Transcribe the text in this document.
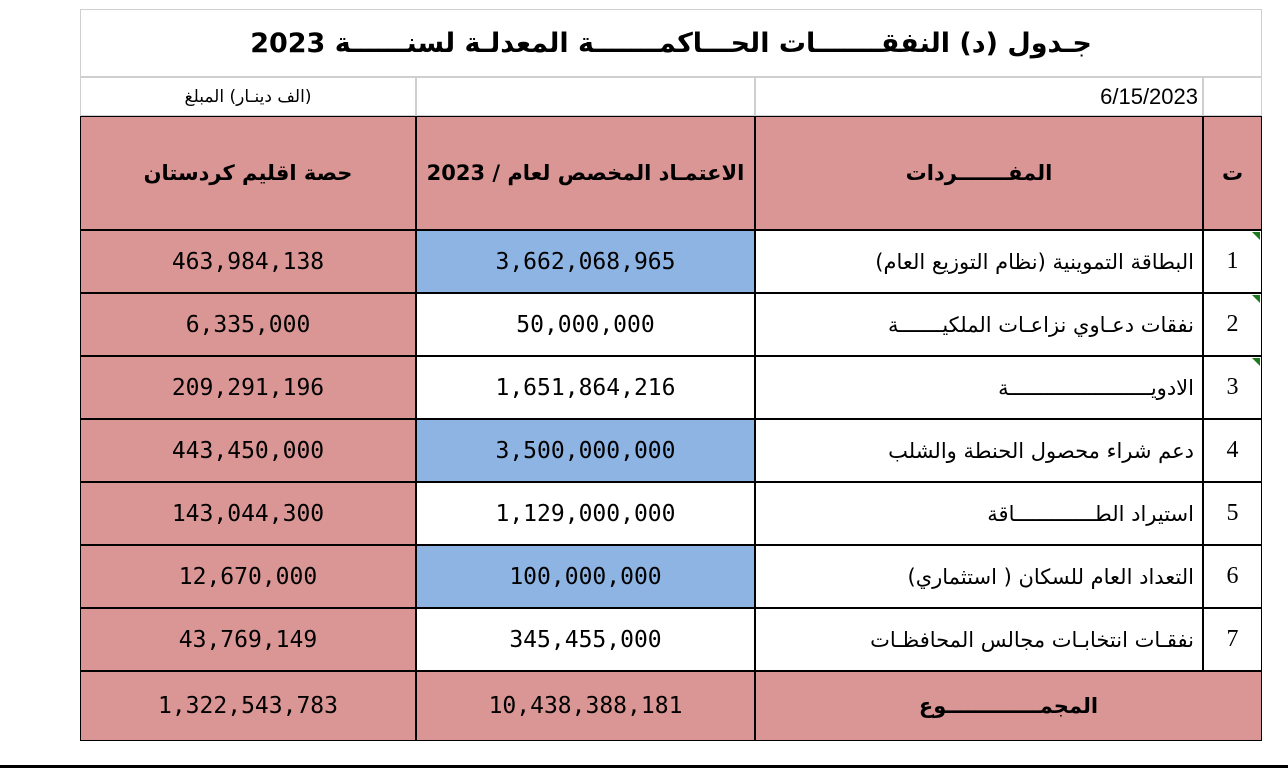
جـدول (د) النفقـــــــات الحـــاكمـــــــة المعدلـة لسنــــــة 2023
6/15/2023
(الف دينـار) المبلغ
ت
المفـــــــردات
الاعتمـاد المخصص لعام / 2023
حصة اقليم كردستان
1
البطاقة التموينية (نظام التوزيع العام)
3,662,068,965
463,984,138
2
نفقات دعـاوي نزاعـات الملكيـــــــة
50,000,000
6,335,000
3
الادويـــــــــــــــــــــــة
1,651,864,216
209,291,196
4
دعم شراء محصول الحنطة والشلب
3,500,000,000
443,450,000
5
استيراد الطـــــــــــــاقة
1,129,000,000
143,044,300
6
التعداد العام للسكان ( استثماري)
100,000,000
12,670,000
7
نفقـات انتخابـات مجالس المحافظـات
345,455,000
43,769,149
المجمـــــــــــــوع
10,438,388,181
1,322,543,783
